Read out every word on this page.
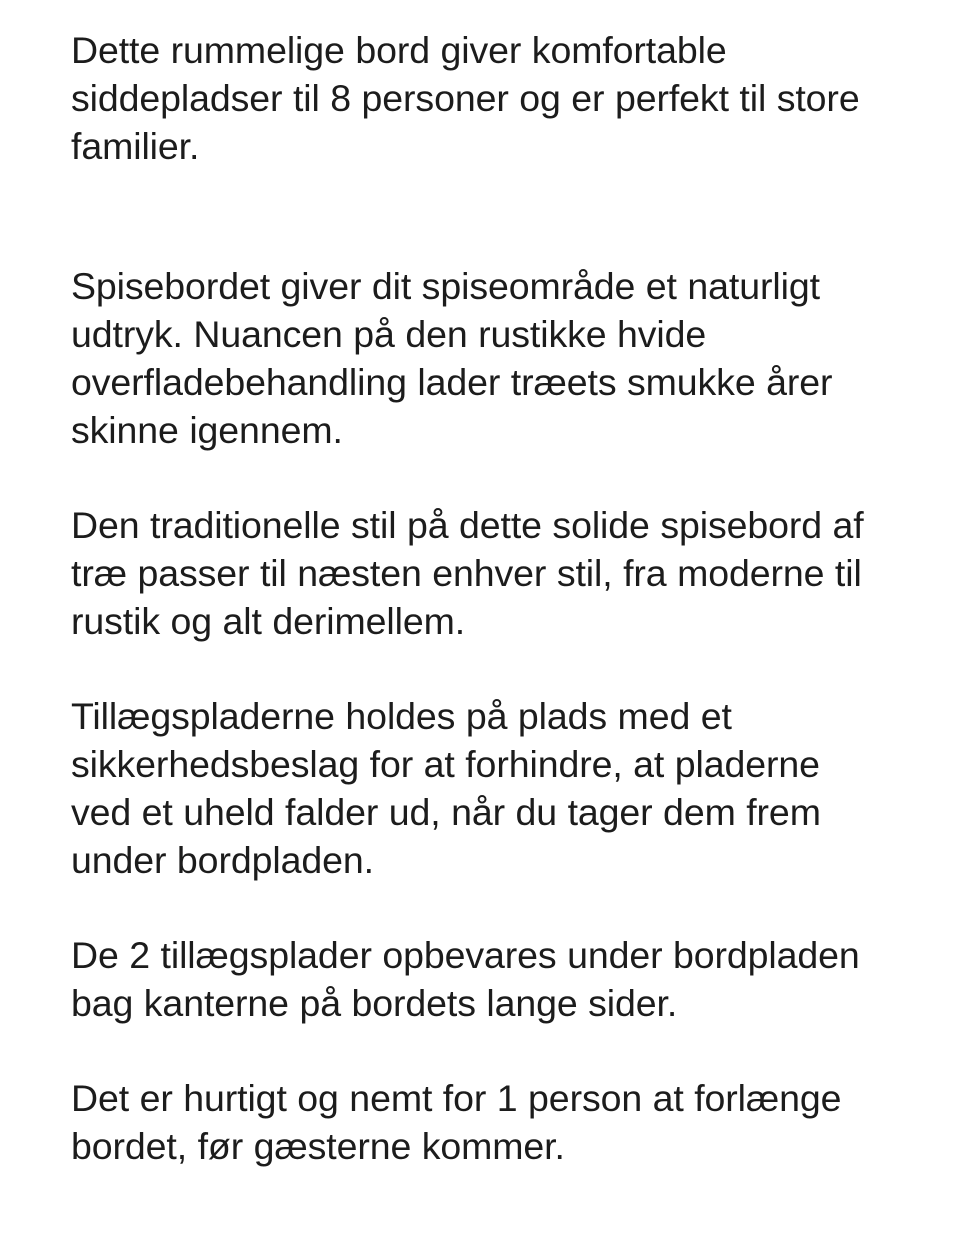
Dette rummelige bord giver komfortable siddepladser til 8 personer og er perfekt til store familier.

Spisebordet giver dit spiseområde et naturligt udtryk. Nuancen på den rustikke hvide overfladebehandling lader træets smukke årer skinne igennem.

Den traditionelle stil på dette solide spisebord af træ passer til næsten enhver stil, fra moderne til rustik og alt derimellem.

Tillægspladerne holdes på plads med et sikkerhedsbeslag for at forhindre, at pladerne ved et uheld falder ud, når du tager dem frem under bordpladen.

De 2 tillægsplader opbevares under bordpladen bag kanterne på bordets lange sider.

Det er hurtigt og nemt for 1 person at forlænge bordet, før gæsterne kommer.
